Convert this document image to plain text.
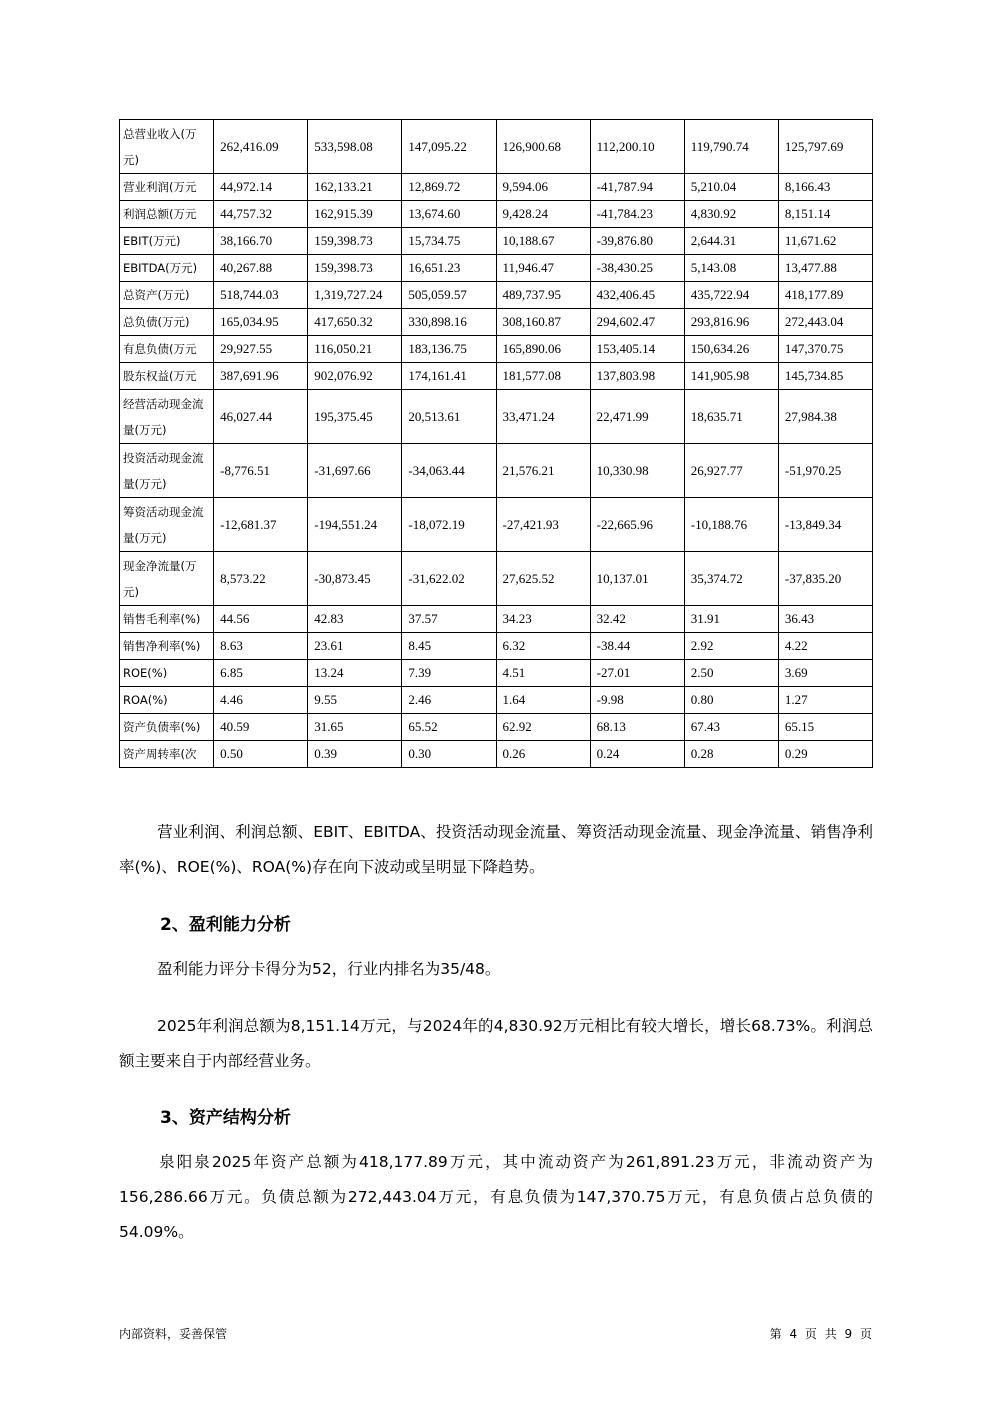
总营业收入(万元)	262,416.09	533,598.08	147,095.22	126,900.68	112,200.10	119,790.74	125,797.69
营业利润(万元	44,972.14	162,133.21	12,869.72	9,594.06	-41,787.94	5,210.04	8,166.43
利润总额(万元	44,757.32	162,915.39	13,674.60	9,428.24	-41,784.23	4,830.92	8,151.14
EBIT(万元)	38,166.70	159,398.73	15,734.75	10,188.67	-39,876.80	2,644.31	11,671.62
EBITDA(万元)	40,267.88	159,398.73	16,651.23	11,946.47	-38,430.25	5,143.08	13,477.88
总资产(万元)	518,744.03	1,319,727.24	505,059.57	489,737.95	432,406.45	435,722.94	418,177.89
总负债(万元)	165,034.95	417,650.32	330,898.16	308,160.87	294,602.47	293,816.96	272,443.04
有息负债(万元	29,927.55	116,050.21	183,136.75	165,890.06	153,405.14	150,634.26	147,370.75
股东权益(万元	387,691.96	902,076.92	174,161.41	181,577.08	137,803.98	141,905.98	145,734.85
经营活动现金流量(万元)	46,027.44	195,375.45	20,513.61	33,471.24	22,471.99	18,635.71	27,984.38
投资活动现金流量(万元)	-8,776.51	-31,697.66	-34,063.44	21,576.21	10,330.98	26,927.77	-51,970.25
筹资活动现金流量(万元)	-12,681.37	-194,551.24	-18,072.19	-27,421.93	-22,665.96	-10,188.76	-13,849.34
现金净流量(万元)	8,573.22	-30,873.45	-31,622.02	27,625.52	10,137.01	35,374.72	-37,835.20
销售毛利率(%)	44.56	42.83	37.57	34.23	32.42	31.91	36.43
销售净利率(%)	8.63	23.61	8.45	6.32	-38.44	2.92	4.22
ROE(%)	6.85	13.24	7.39	4.51	-27.01	2.50	3.69
ROA(%)	4.46	9.55	2.46	1.64	-9.98	0.80	1.27
资产负债率(%)	40.59	31.65	65.52	62.92	68.13	67.43	65.15
资产周转率(次	0.50	0.39	0.30	0.26	0.24	0.28	0.29
营业利润、利润总额、EBIT、EBITDA、投资活动现金流量、筹资活动现金流量、现金净流量、销售净利率(%)、ROE(%)、ROA(%)存在向下波动或呈明显下降趋势。
2、盈利能力分析
盈利能力评分卡得分为52，行业内排名为35/48。
2025年利润总额为8,151.14万元，与2024年的4,830.92万元相比有较大增长，增长68.73%。利润总额主要来自于内部经营业务。
3、资产结构分析
泉阳泉2025年资产总额为418,177.89万元，其中流动资产为261,891.23万元，非流动资产为156,286.66万元。负债总额为272,443.04万元，有息负债为147,370.75万元，有息负债占总负债的54.09%。
内部资料，妥善保管	第 4 页 共 9 页
